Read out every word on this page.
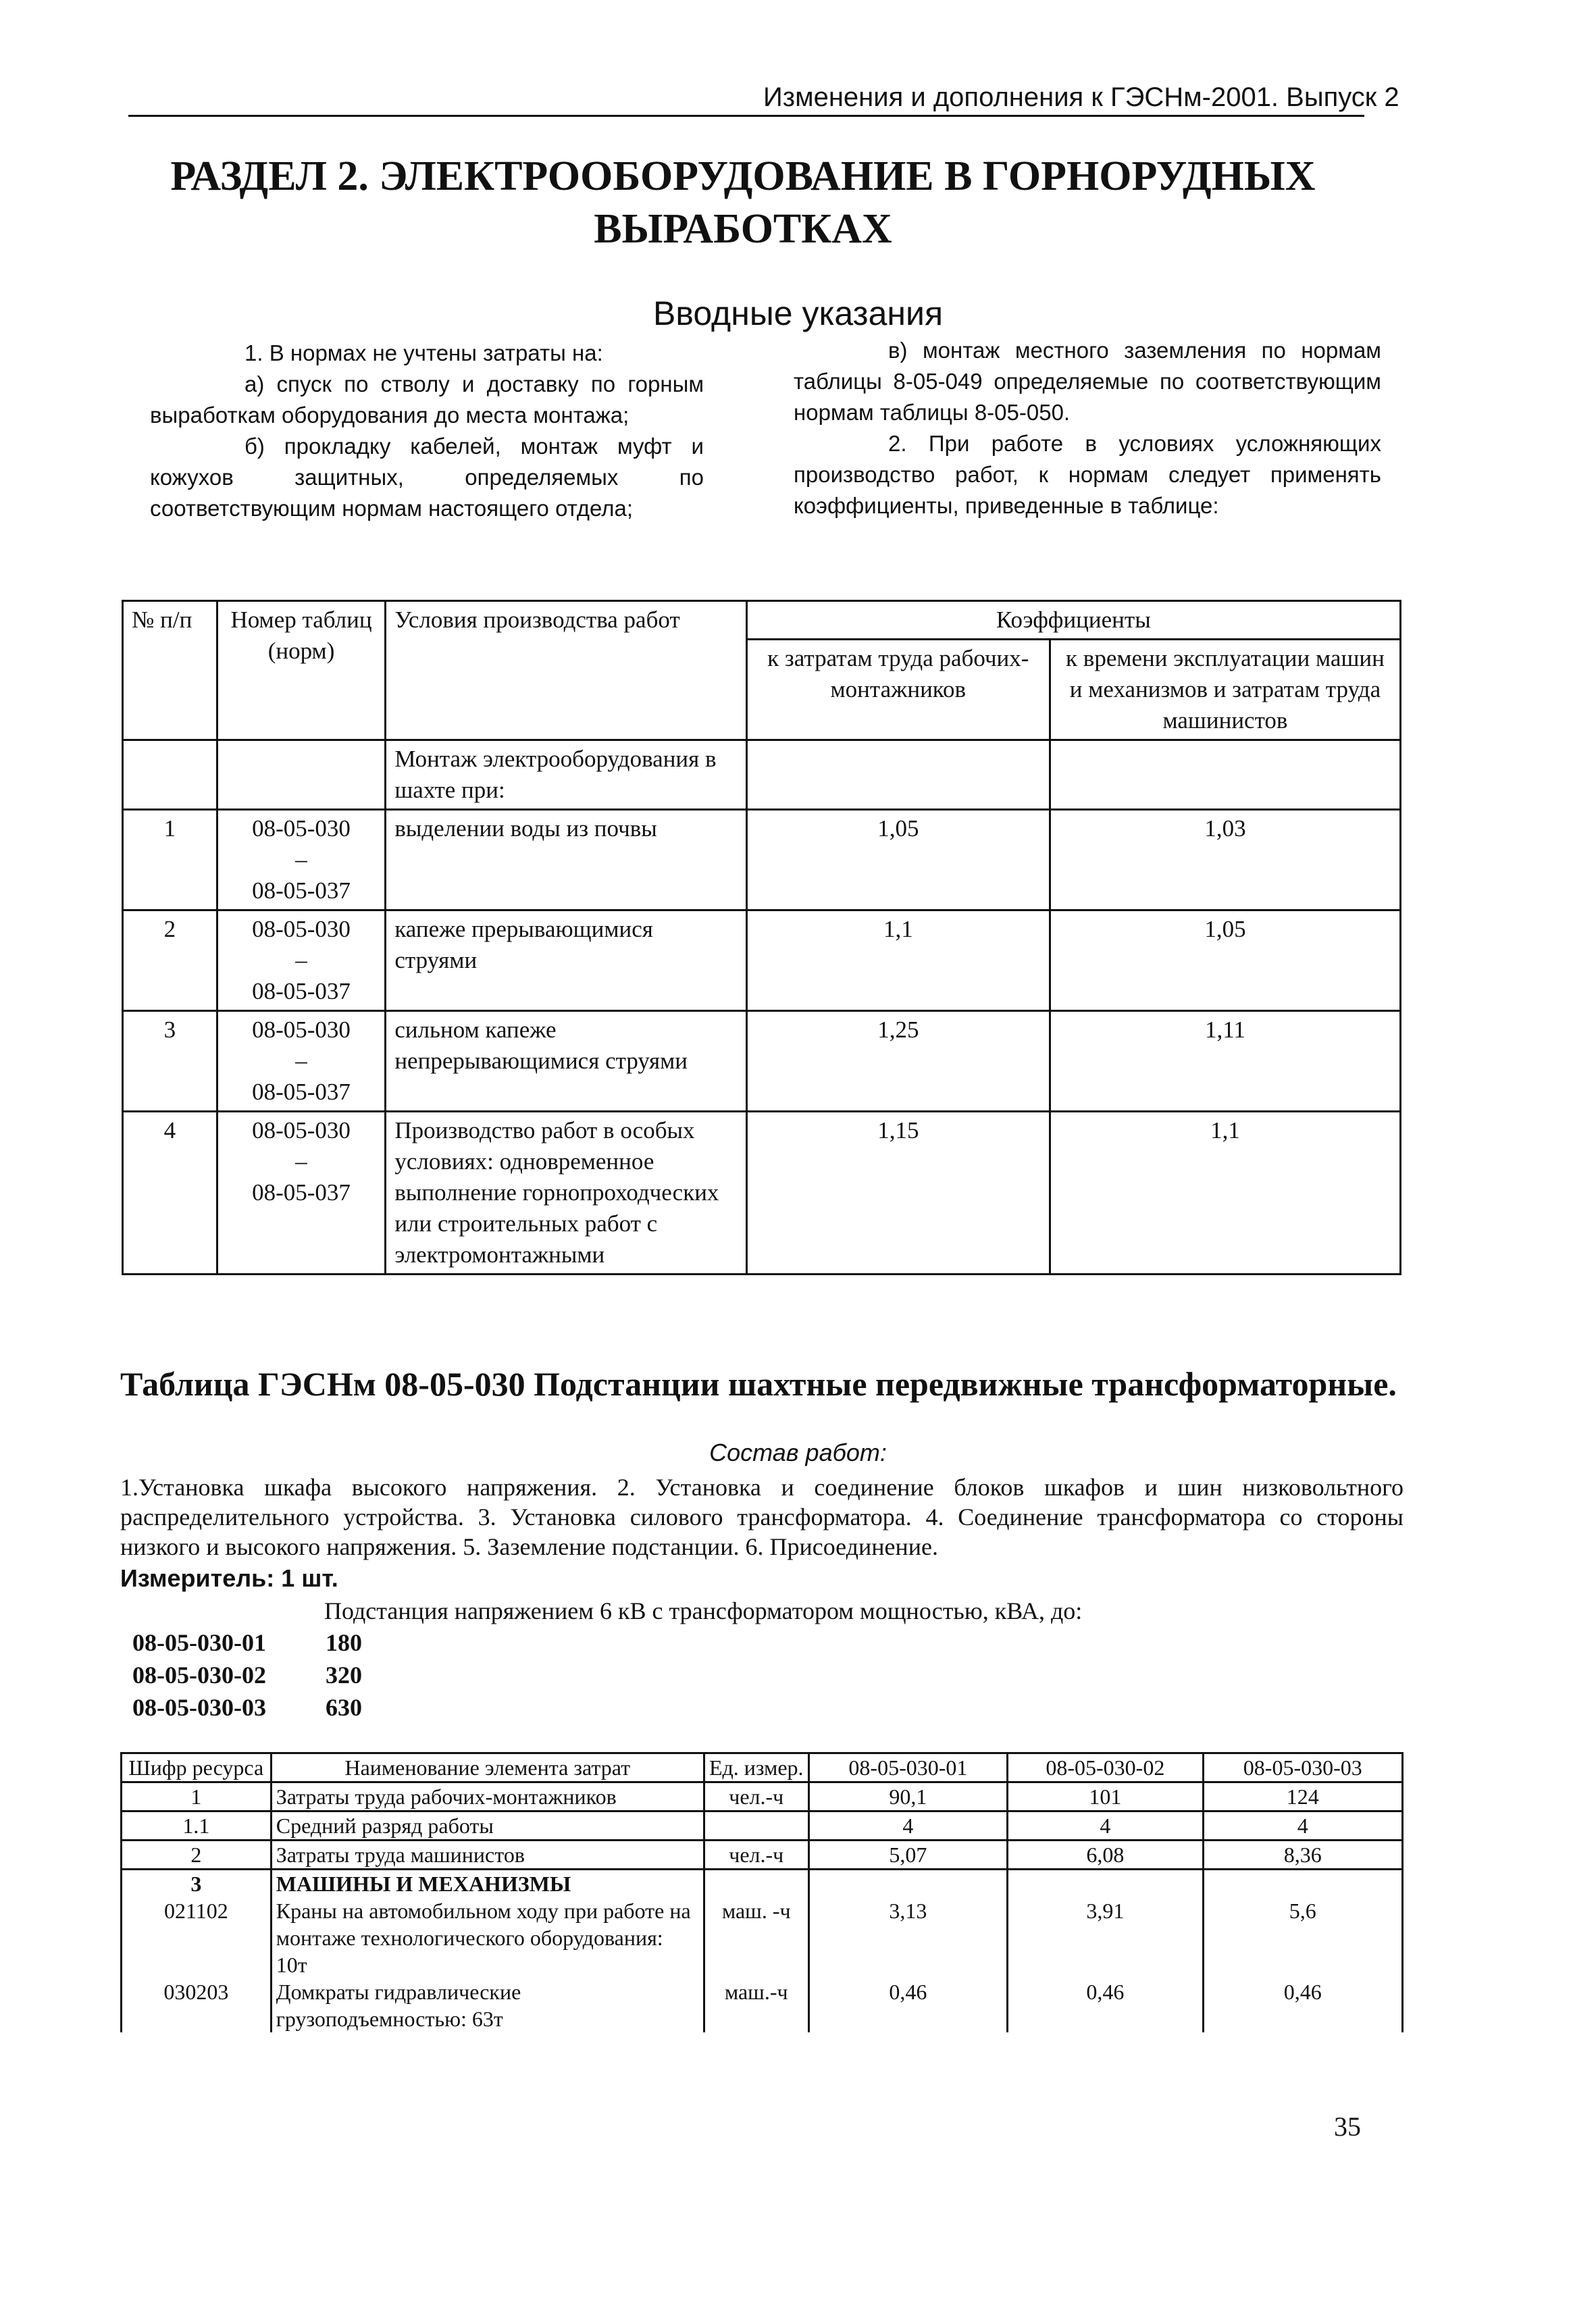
Изменения и дополнения к ГЭСНм-2001. Выпуск 2
РАЗДЕЛ 2. ЭЛЕКТРООБОРУДОВАНИЕ В ГОРНОРУДНЫХ
ВЫРАБОТКАХ
Вводные указания

1. В нормах не учтены затраты на:

а) спуск по стволу и доставку по горным выработкам оборудования до места монтажа;

б) прокладку кабелей, монтаж муфт и кожухов защитных, определяемых по соответствующим нормам настоящего отдела;

в) монтаж местного заземления по нормам таблицы 8-05-049 определяемые по соответствующим нормам таблицы 8-05-050.

2. При работе в условиях усложняющих производство работ, к нормам следует применять коэффициенты, приведенные в таблице:

№ п/п	Номер таблиц (норм)	Условия производства работ	Коэффициенты	
			к затратам труда рабочих-монтажников	к времени эксплуатации машин и механизмов и затратам труда машинистов
		Монтаж электрооборудования в шахте при:		
1	08-05-030
–
08-05-037	выделении воды из почвы	1,05	1,03
2	08-05-030
–
08-05-037	капеже прерывающимися струями	1,1	1,05
3	08-05-030
–
08-05-037	сильном капеже непрерывающимися струями	1,25	1,11
4	08-05-030
–
08-05-037	Производство работ в особых условиях: одновременное выполнение горнопроходческих или строительных работ с электромонтажными	1,15	1,1
Таблица ГЭСНм 08-05-030 Подстанции шахтные передвижные трансформаторные.
Состав работ:
1.Установка шкафа высокого напряжения. 2. Установка и соединение блоков шкафов и шин низковольтного распределительного устройства. 3. Установка силового трансформатора. 4. Соединение трансформатора со стороны низкого и высокого напряжения. 5. Заземление подстанции. 6. Присоединение.
Измеритель: 1 шт.
Подстанция напряжением 6 кВ с трансформатором мощностью, кВА, до:
08-05-030-01 180
08-05-030-02 320
08-05-030-03 630
Шифр ресурса	Наименование элемента затрат	Ед. измер.	08-05-030-01	08-05-030-02	08-05-030-03
1	Затраты труда рабочих-монтажников	чел.-ч	90,1	101	124
1.1	Средний разряд работы		4	4	4
2	Затраты труда машинистов	чел.-ч	5,07	6,08	8,36
3	МАШИНЫ И МЕХАНИЗМЫ				
021102	Краны на автомобильном ходу при работе на монтаже технологического оборудования: 10т	маш. -ч	3,13	3,91	5,6
030203	Домкраты гидравлические грузоподъемностью: 63т	маш.-ч	0,46	0,46	0,46
35
